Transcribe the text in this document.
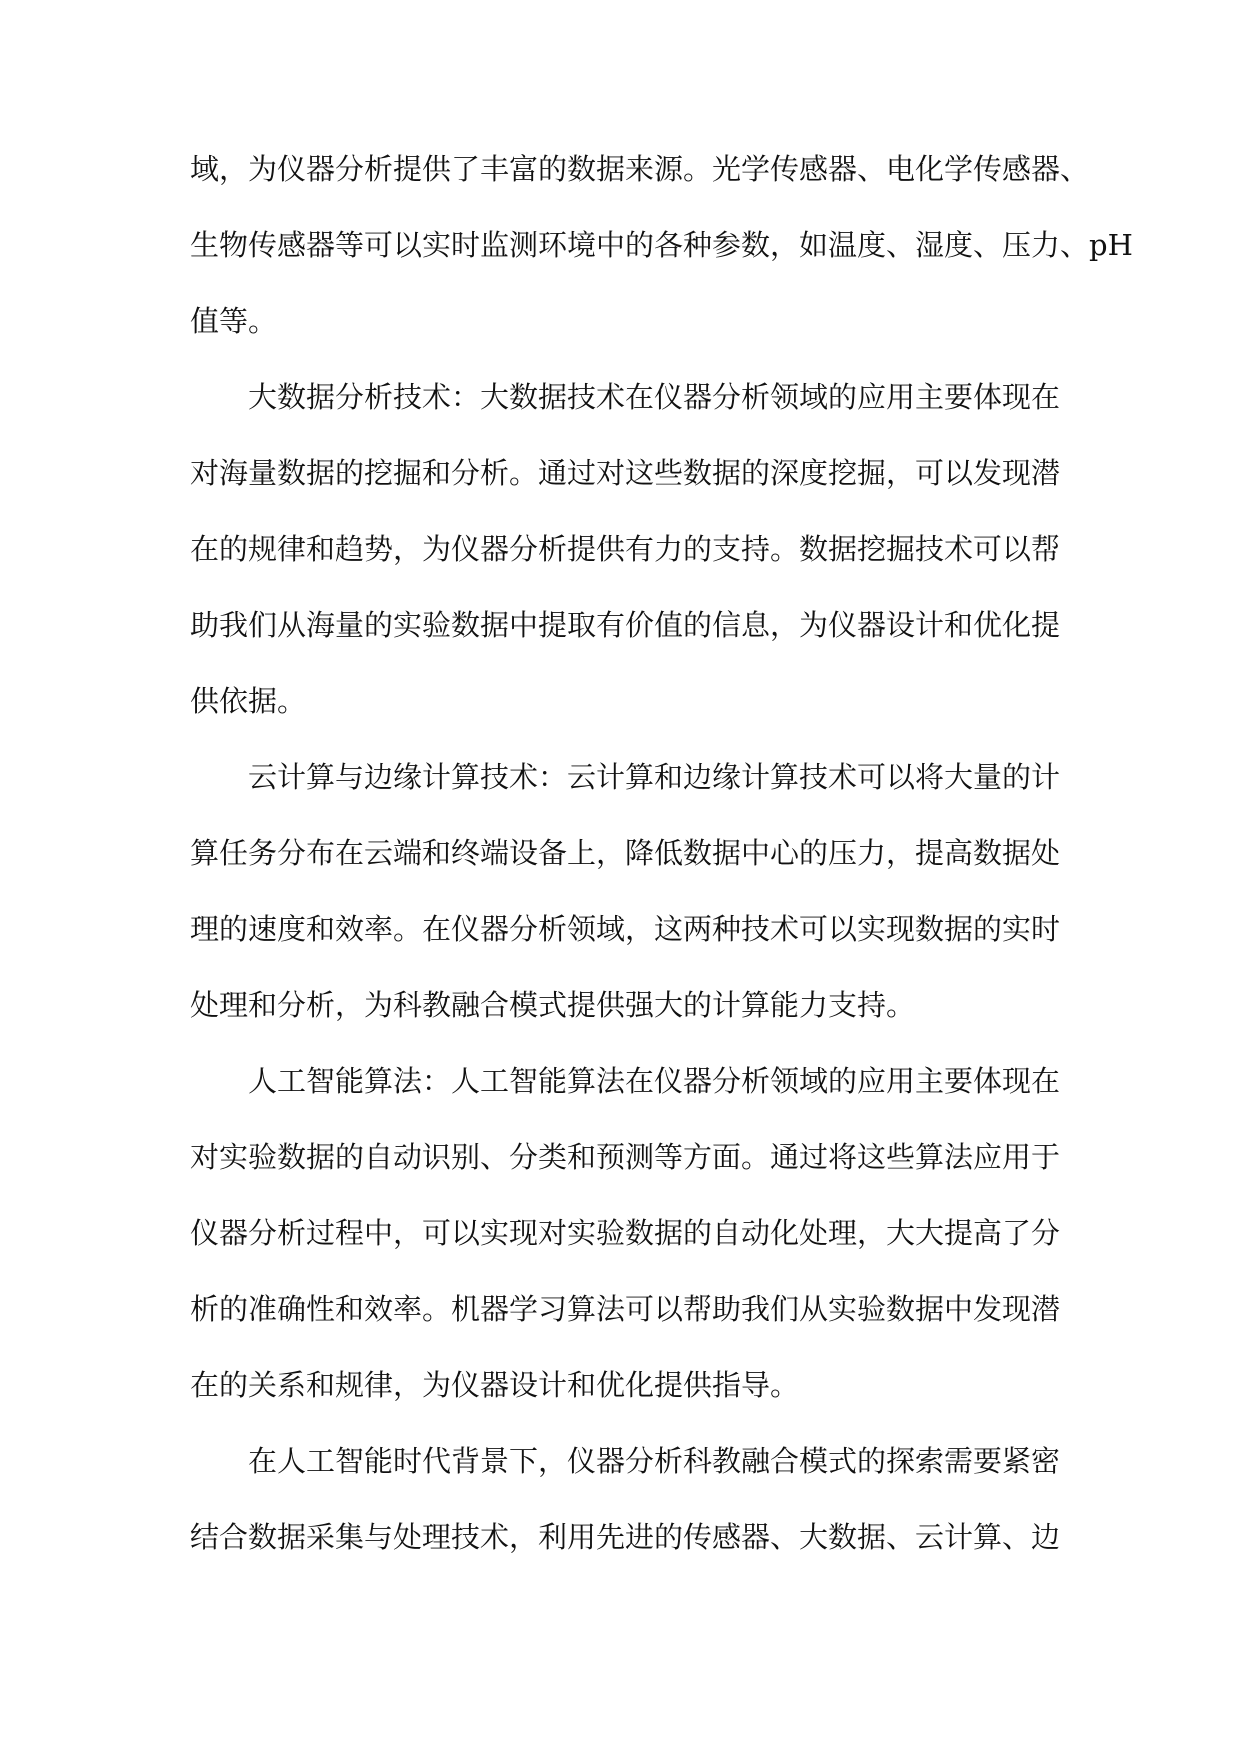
域，为仪器分析提供了丰富的数据来源。光学传感器、电化学传感器、
生物传感器等可以实时监测环境中的各种参数，如温度、湿度、压力、pH
值等。
大数据分析技术：大数据技术在仪器分析领域的应用主要体现在
对海量数据的挖掘和分析。通过对这些数据的深度挖掘，可以发现潜
在的规律和趋势，为仪器分析提供有力的支持。数据挖掘技术可以帮
助我们从海量的实验数据中提取有价值的信息，为仪器设计和优化提
供依据。
云计算与边缘计算技术：云计算和边缘计算技术可以将大量的计
算任务分布在云端和终端设备上，降低数据中心的压力，提高数据处
理的速度和效率。在仪器分析领域，这两种技术可以实现数据的实时
处理和分析，为科教融合模式提供强大的计算能力支持。
人工智能算法：人工智能算法在仪器分析领域的应用主要体现在
对实验数据的自动识别、分类和预测等方面。通过将这些算法应用于
仪器分析过程中，可以实现对实验数据的自动化处理，大大提高了分
析的准确性和效率。机器学习算法可以帮助我们从实验数据中发现潜
在的关系和规律，为仪器设计和优化提供指导。
在人工智能时代背景下，仪器分析科教融合模式的探索需要紧密
结合数据采集与处理技术，利用先进的传感器、大数据、云计算、边
